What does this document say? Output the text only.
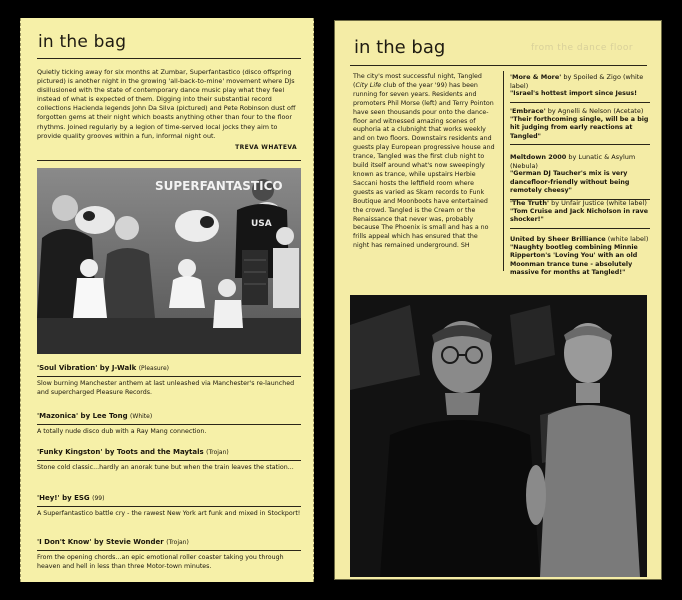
in the bag
Quietly ticking away for six months at Zumbar, Superfantastico (disco offspring pictured) is another night in the growing 'all-back-to-mine' movement where DJs disillusioned with the state of contemporary dance music play what they feel instead of what is expected of them. Digging into their substantial record collections Hacienda legends John Da Silva (pictured) and Pete Robinson dust off forgotten gems at their night which boasts anything other than four to the floor rhythms. Joined regularly by a legion of time-served local jocks they aim to provide quality grooves within a fun, informal night out.
TREVA WHATEVA
SUPERFANTASTICO
USA
'Soul Vibration' by J-Walk (Pleasure)
Slow burning Manchester anthem at last unleashed via Manchester's re-launched and supercharged Pleasure Records.
'Mazonica' by Lee Tong (White)
A totally nude disco dub with a Ray Mang connection.
'Funky Kingston' by Toots and the Maytals (Trojan)
Stone cold classic...hardly an anorak tune but when the train leaves the station...
'Hey!' by ESG (99)
A Superfantastico battle cry - the rawest New York art funk and mixed in Stockport!
'I Don't Know' by Stevie Wonder (Trojan)
From the opening chords...an epic emotional roller coaster taking you through heaven and hell in less than three Motor-town minutes.
from the dance floor
in the bag
The city's most successful night, Tangled (City Life club of the year '99) has been running for seven years. Residents and promoters Phil Morse (left) and Terry Pointon have seen thousands pour onto the dance-floor and witnessed amazing scenes of euphoria at a clubnight that works weekly and on two floors. Downstairs residents and guests play European progressive house and trance, Tangled was the first club night to build itself around what's now sweepingly known as trance, while upstairs Herbie Saccani hosts the leftfield room where guests as varied as Skam records to Funk Boutique and Moonboots have entertained the crowd. Tangled is the Cream or the Renaissance that never was, probably because The Phoenix is small and has a no frills appeal which has ensured that the night has remained underground. SH
'More & More' by Spoiled & Zigo (white label)
"Israel's hottest import since Jesus!
'Embrace' by Agnelli & Nelson (Acetate)
"Their forthcoming single, will be a big hit judging from early reactions at Tangled"
Meltdown 2000 by Lunatic & Asylum (Nebula)
"German DJ Taucher's mix is very dancefloor-friendly without being remotely cheesy"
'The Truth' by Unfair Justice (white label)
"Tom Cruise and Jack Nicholson in rave shocker!"
United by Sheer Brilliance (white label)
"Naughty bootleg combining Minnie Ripperton's 'Loving You' with an old Moonman trance tune - absolutely massive for months at Tangled!"
